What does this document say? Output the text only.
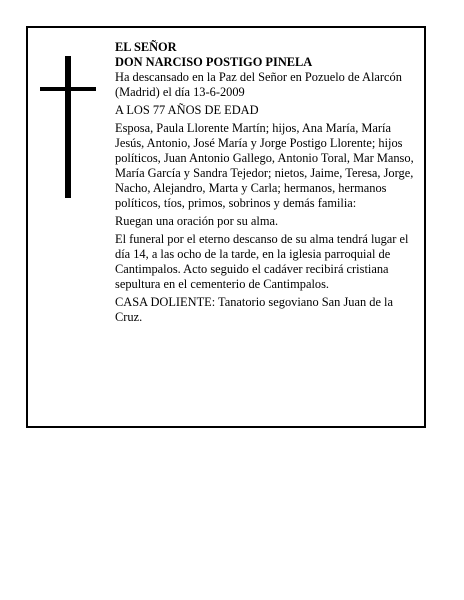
EL SEÑOR

DON NARCISO POSTIGO PINELA

Ha descansado en la Paz del Señor en Pozuelo de Alarcón (Madrid) el día 13-6-2009

A LOS 77 AÑOS DE EDAD

Esposa, Paula Llorente Martín; hijos, Ana María, María Jesús, Antonio, José María y Jorge Postigo Llorente; hijos políticos, Juan Antonio Gallego, Antonio Toral, Mar Manso, María García y Sandra Tejedor; nietos, Jaime, Teresa, Jorge, Nacho, Alejandro, Marta y Carla; hermanos, hermanos políticos, tíos, primos, sobrinos y demás familia:

Ruegan una oración por su alma.

El funeral por el eterno descanso de su alma tendrá lugar el día 14, a las ocho de la tarde, en la iglesia parroquial de Cantimpalos. Acto seguido el cadáver recibirá cristiana sepultura en el cementerio de Cantimpalos.

CASA DOLIENTE: Tanatorio segoviano San Juan de la Cruz.
